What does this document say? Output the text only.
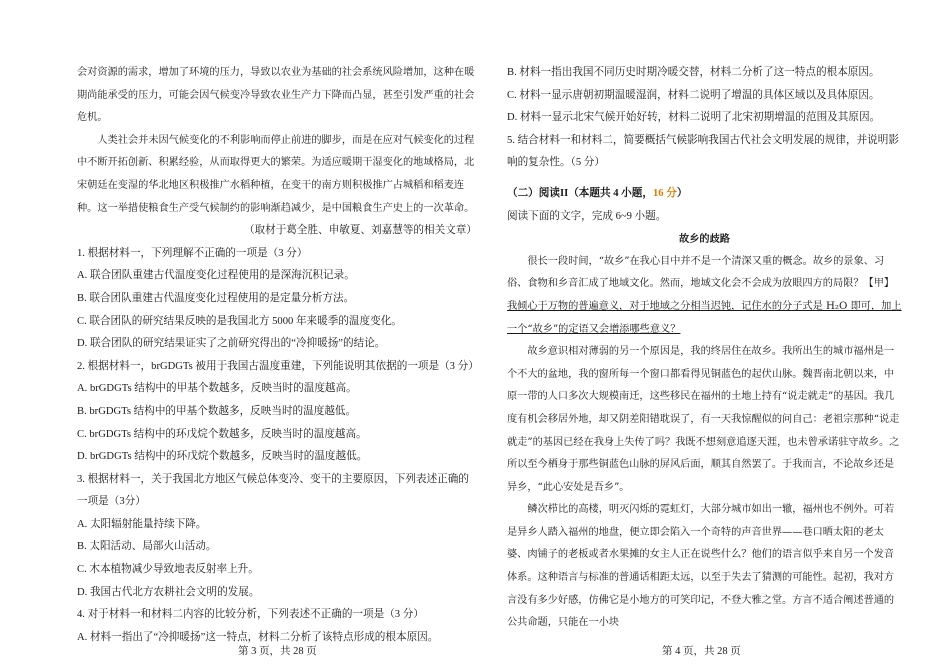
会对资源的需求，增加了环境的压力，导致以农业为基础的社会系统风险增加，这种在暖期尚能承受的压力，可能会因气候变冷导致农业生产力下降而凸显，甚至引发严重的社会危机。

人类社会并未因气候变化的不利影响而停止前进的脚步，而是在应对气候变化的过程中不断开拓创新、积累经验，从而取得更大的繁荣。为适应暖期干湿变化的地域格局，北宋朝廷在变湿的华北地区积极推广水稻种植，在变干的南方则积极推广占城稻和稻麦连种。这一举措使粮食生产受气候制约的影响渐趋减少，是中国粮食生产史上的一次革命。

（取材于葛全胜、申敏夏、刘嘉慧等的相关文章）

1. 根据材料一，下列理解不正确的一项是（3 分）

A. 联合团队重建古代温度变化过程使用的是深海沉积记录。

B. 联合团队重建古代温度变化过程使用的是定量分析方法。

C. 联合团队的研究结果反映的是我国北方 5000 年来暖季的温度变化。

D. 联合团队的研究结果证实了之前研究得出的“冷抑暖扬”的结论。

2. 根据材料一，brGDGTs 被用于我国古温度重建，下列能说明其依据的一项是（3 分）

A. brGDGTs 结构中的甲基个数越多，反映当时的温度越高。

B. brGDGTs 结构中的甲基个数越多，反映当时的温度越低。

C. brGDGTs 结构中的环戊烷个数越多，反映当时的温度越高。

D. brGDGTs 结构中的环戊烷个数越多，反映当时的温度越低。

3. 根据材料一，关于我国北方地区气候总体变冷、变干的主要原因，下列表述正确的一项是（3分）

A. 太阳辐射能量持续下降。

B. 太阳活动、局部火山活动。

C. 木本植物减少导致地表反射率上升。

D. 我国古代北方农耕社会文明的发展。

4. 对于材料一和材料二内容的比较分析，下列表述不正确的一项是（3 分）

A. 材料一指出了“冷抑暖扬”这一特点，材料二分析了该特点形成的根本原因。

B. 材料一指出我国不同历史时期冷暖交替，材料二分析了这一特点的根本原因。

C. 材料一显示唐朝初期温暖湿润，材料二说明了增温的具体区域以及具体原因。

D. 材料一显示北宋气候开始好转，材料二说明了北宋初期增温的范围及其原因。

5. 结合材料一和材料二，简要概括气候影响我国古代社会文明发展的规律，并说明影响的复杂性。（5 分）

（二）阅读II（本题共 4 小题，16 分）

阅读下面的文字，完成 6~9 小题。

故乡的歧路

很长一段时间，“故乡”在我心目中并不是一个清深又重的概念。故乡的景象、习俗、食物和乡音汇成了地域文化。然而，地域文化会不会成为放眼四方的局限？【甲】我倾心于万物的普遍意义，对于地域之分相当迟钝，记住水的分子式是 H₂O 即可，加上一个“故乡”的定语又会增添哪些意义？

故乡意识相对薄弱的另一个原因是，我的终居住在故乡。我所出生的城市福州是一个不大的盆地，我的窗所每一个窗口都看得见铜蓝色的起伏山脉。魏晋南北朝以来，中原一带的人口多次大规模南迁，这些移民在福州的土地上持有“说走就走”的基因。我几度有机会移居外地，却又阴差阳错耽误了，有一天我惊醒似的问自己：老祖宗那种“说走就走”的基因已经在我身上失传了吗？我既不想刻意追逐天涯，也未曾承诺驻守故乡。之所以至今栖身于那些铜蓝色山脉的屏风后面，顺其自然罢了。于我而言，不论故乡还是异乡，“此心安处是吾乡”。

鳞次栉比的高楼，明灭闪烁的霓虹灯，大部分城市如出一辙，福州也不例外。可若是异乡人踏入福州的地盘，便立即会陷入一个奇特的声音世界——巷口晒太阳的老太婆、肉铺子的老板或者水果摊的女主人正在说些什么？他们的语言似乎来自另一个发音体系。这种语言与标准的普通话相距太远，以至于失去了猜测的可能性。起初，我对方言没有多少好感，仿佛它是小地方的可笑印记，不登大雅之堂。方言不适合阐述普通的公共命题，只能在一小块

第 3 页，共 28 页	第 4 页，共 28 页
